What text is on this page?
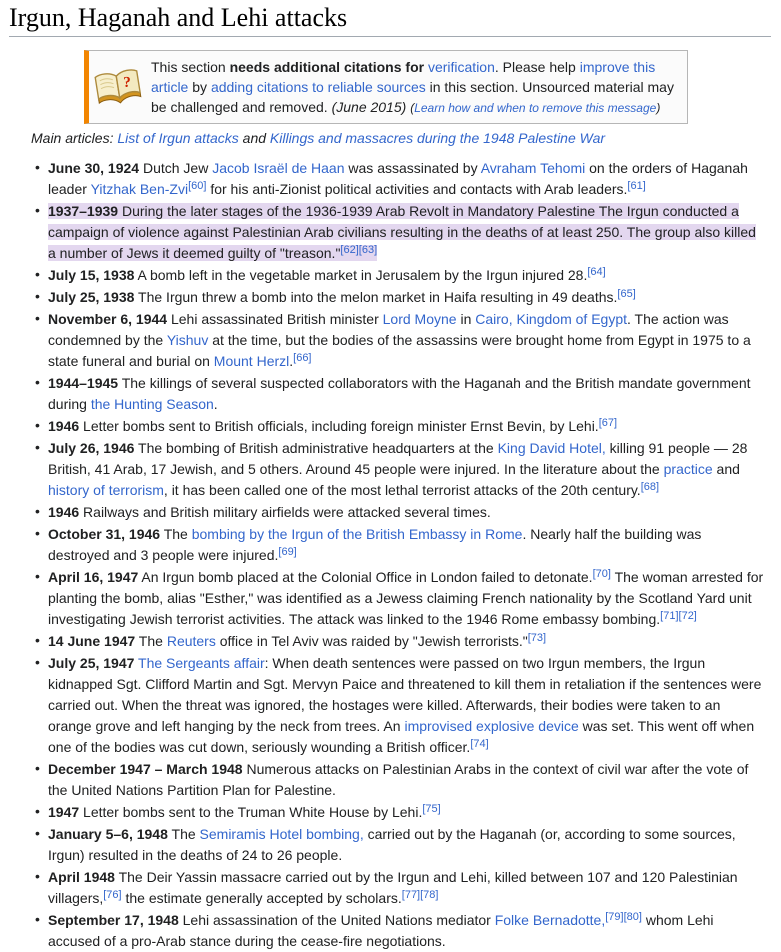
Irgun, Haganah and Lehi attacks
?
This section needs additional citations for verification. Please help improve this article by adding citations to reliable sources in this section. Unsourced material may be challenged and removed. (June 2015) (Learn how and when to remove this message)
Main articles: List of Irgun attacks and Killings and massacres during the 1948 Palestine War
• June 30, 1924 Dutch Jew Jacob Israël de Haan was assassinated by Avraham Tehomi on the orders of Haganah leader Yitzhak Ben-Zvi[60] for his anti-Zionist political activities and contacts with Arab leaders.[61]
• 1937–1939 During the later stages of the 1936-1939 Arab Revolt in Mandatory Palestine The Irgun conducted a campaign of violence against Palestinian Arab civilians resulting in the deaths of at least 250. The group also killed a number of Jews it deemed guilty of "treason."[62][63]
• July 15, 1938 A bomb left in the vegetable market in Jerusalem by the Irgun injured 28.[64]
• July 25, 1938 The Irgun threw a bomb into the melon market in Haifa resulting in 49 deaths.[65]
• November 6, 1944 Lehi assassinated British minister Lord Moyne in Cairo, Kingdom of Egypt. The action was condemned by the Yishuv at the time, but the bodies of the assassins were brought home from Egypt in 1975 to a state funeral and burial on Mount Herzl.[66]
• 1944–1945 The killings of several suspected collaborators with the Haganah and the British mandate government during the Hunting Season.
• 1946 Letter bombs sent to British officials, including foreign minister Ernst Bevin, by Lehi.[67]
• July 26, 1946 The bombing of British administrative headquarters at the King David Hotel, killing 91 people — 28 British, 41 Arab, 17 Jewish, and 5 others. Around 45 people were injured. In the literature about the practice and history of terrorism, it has been called one of the most lethal terrorist attacks of the 20th century.[68]
• 1946 Railways and British military airfields were attacked several times.
• October 31, 1946 The bombing by the Irgun of the British Embassy in Rome. Nearly half the building was destroyed and 3 people were injured.[69]
• April 16, 1947 An Irgun bomb placed at the Colonial Office in London failed to detonate.[70] The woman arrested for planting the bomb, alias "Esther," was identified as a Jewess claiming French nationality by the Scotland Yard unit investigating Jewish terrorist activities. The attack was linked to the 1946 Rome embassy bombing.[71][72]
• 14 June 1947 The Reuters office in Tel Aviv was raided by "Jewish terrorists."[73]
• July 25, 1947 The Sergeants affair: When death sentences were passed on two Irgun members, the Irgun kidnapped Sgt. Clifford Martin and Sgt. Mervyn Paice and threatened to kill them in retaliation if the sentences were carried out. When the threat was ignored, the hostages were killed. Afterwards, their bodies were taken to an orange grove and left hanging by the neck from trees. An improvised explosive device was set. This went off when one of the bodies was cut down, seriously wounding a British officer.[74]
• December 1947 – March 1948 Numerous attacks on Palestinian Arabs in the context of civil war after the vote of the United Nations Partition Plan for Palestine.
• 1947 Letter bombs sent to the Truman White House by Lehi.[75]
• January 5–6, 1948 The Semiramis Hotel bombing, carried out by the Haganah (or, according to some sources, Irgun) resulted in the deaths of 24 to 26 people.
• April 1948 The Deir Yassin massacre carried out by the Irgun and Lehi, killed between 107 and 120 Palestinian villagers,[76] the estimate generally accepted by scholars.[77][78]
• September 17, 1948 Lehi assassination of the United Nations mediator Folke Bernadotte,[79][80] whom Lehi accused of a pro-Arab stance during the cease-fire negotiations.
